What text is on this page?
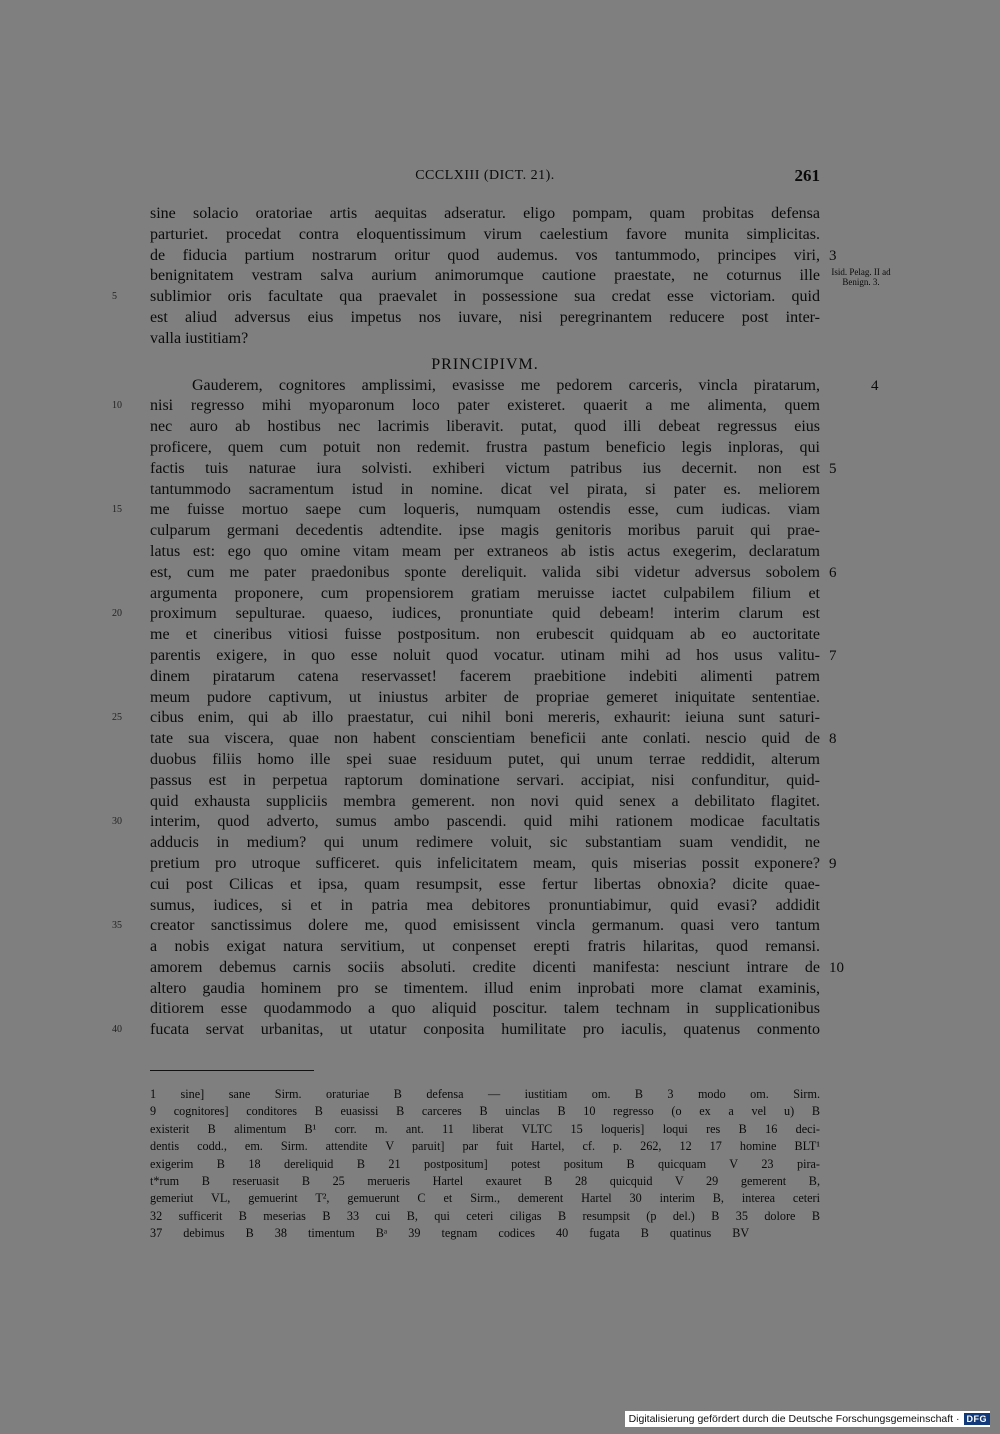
CCCLXIII (DICT. 21).	261
Isid. Pelag. II ad Benign. 3.
sine solacio oratoriae artis aequitas adseratur. eligo pompam, quam probitas defensa
parturiet. procedat contra eloquentissimum virum caelestium favore munita simplicitas.
de fiducia partium nostrarum oritur quod audemus. vos tantummodo, principes viri, 3
benignitatem vestram salva aurium animorumque cautione praestate, ne coturnus ille
sublimior oris facultate qua praevalet in possessione sua credat esse victoriam. quid
5
est aliud adversus eius impetus nos iuvare, nisi peregrinantem reducere post inter-
valla iustitiam?
PRINCIPIVM.
Gauderem, cognitores amplissimi, evasisse me pedorem carceris, vincla piratarum,	4
nisi regresso mihi myoparonum loco pater existeret. quaerit a me alimenta, quem
10
nec auro ab hostibus nec lacrimis liberavit. putat, quod illi debeat regressus eius
proficere, quem cum potuit non redemit. frustra pastum beneficio legis inploras, qui
factis tuis naturae iura solvisti. exhiberi victum patribus ius decernit. non est 5
tantummodo sacramentum istud in nomine. dicat vel pirata, si pater es. meliorem
me fuisse mortuo saepe cum loqueris, numquam ostendis esse, cum iudicas. viam
15
culparum germani decedentis adtendite. ipse magis genitoris moribus paruit qui prae-
latus est: ego quo omine vitam meam per extraneos ab istis actus exegerim, declaratum
est, cum me pater praedonibus sponte dereliquit. valida sibi videtur adversus sobolem 6
argumenta proponere, cum propensiorem gratiam meruisse iactet culpabilem filium et
proximum sepulturae. quaeso, iudices, pronuntiate quid debeam! interim clarum est
20
me et cineribus vitiosi fuisse postpositum. non erubescit quidquam ab eo auctoritate
parentis exigere, in quo esse noluit quod vocatur. utinam mihi ad hos usus valitu- 7
dinem piratarum catena reservasset! facerem praebitione indebiti alimenti patrem
meum pudore captivum, ut iniustus arbiter de propriae gemeret iniquitate sententiae.
cibus enim, qui ab illo praestatur, cui nihil boni mereris, exhaurit: ieiuna sunt saturi-
25
tate sua viscera, quae non habent conscientiam beneficii ante conlati. nescio quid de 8
duobus filiis homo ille spei suae residuum putet, qui unum terrae reddidit, alterum
passus est in perpetua raptorum dominatione servari. accipiat, nisi confunditur, quid-
quid exhausta suppliciis membra gemerent. non novi quid senex a debilitato flagitet.
interim, quod adverto, sumus ambo pascendi. quid mihi rationem modicae facultatis
30
adducis in medium? qui unum redimere voluit, sic substantiam suam vendidit, ne
pretium pro utroque sufficeret. quis infelicitatem meam, quis miserias possit exponere? 9
cui post Cilicas et ipsa, quam resumpsit, esse fertur libertas obnoxia? dicite quae-
sumus, iudices, si et in patria mea debitores pronuntiabimur, quid evasi? addidit
creator sanctissimus dolere me, quod emisissent vincla germanum. quasi vero tantum
35
a nobis exigat natura servitium, ut conpenset erepti fratris hilaritas, quod remansi.
amorem debemus carnis sociis absoluti. credite dicenti manifesta: nesciunt intrare de 10
altero gaudia hominem pro se timentem. illud enim inprobati more clamat examinis,
ditiorem esse quodammodo a quo aliquid poscitur. talem technam in supplicationibus
fucata servat urbanitas, ut utatur conposita humilitate pro iaculis, quatenus conmento
40
1 sine] sane Sirm. oraturiae B defensa — iustitiam om. B 3 modo om. Sirm.
9 cognitores] conditores B euasissi B carceres B uinclas B 10 regresso (o ex a vel u) B
existerit B alimentum B¹ corr. m. ant. 11 liberat VLTC 15 loqueris] loqui res B 16 deci-
dentis codd., em. Sirm. attendite V paruit] par fuit Hartel, cf. p. 262, 12 17 homine BLT¹
exigerim B 18 dereliquid B 21 postpositum] potest positum B quicquam V 23 pira-
t*rum B reseruasit B 25 merueris Hartel exauret B 28 quicquid V 29 gemerent B,
gemeriut VL, gemuerint T², gemuerunt C et Sirm., demerent Hartel 30 interim B, interea ceteri
32 sufficerit B meserias B 33 cui B, qui ceteri ciligas B resumpsit (p del.) B 35 dolore B
37 debimus B 38 timentum Bᵃ 39 tegnam codices 40 fugata B quatinus BV
Digitalisierung gefördert durch die Deutsche Forschungsgemeinschaft · DFG
